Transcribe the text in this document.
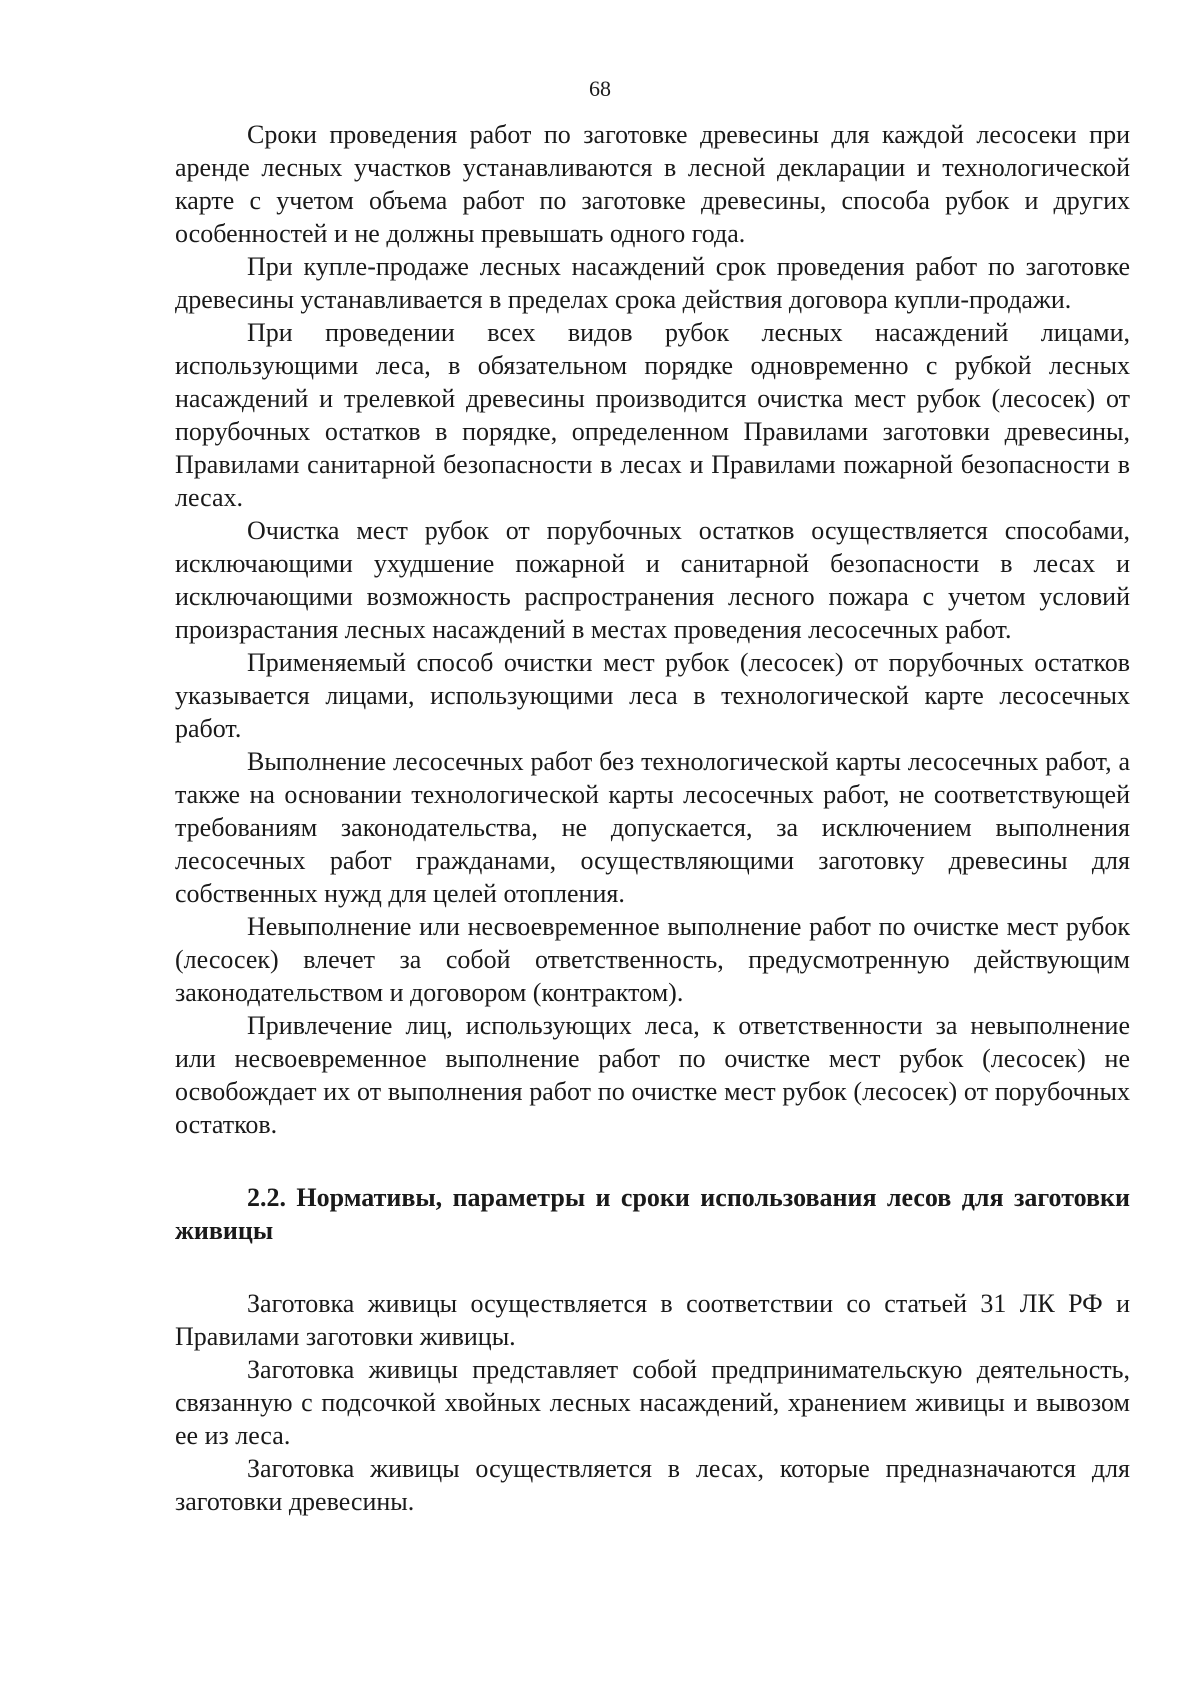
68

Сроки проведения работ по заготовке древесины для каждой лесосеки при аренде лесных участков устанавливаются в лесной декларации и технологической карте с учетом объема работ по заготовке древесины, способа рубок и других особенностей и не должны превышать одного года.

При купле-продаже лесных насаждений срок проведения работ по заготовке древесины устанавливается в пределах срока действия договора купли-продажи.

При проведении всех видов рубок лесных насаждений лицами, использующими леса, в обязательном порядке одновременно с рубкой лесных насаждений и трелевкой древесины производится очистка мест рубок (лесосек) от порубочных остатков в порядке, определенном Правилами заготовки древесины, Правилами санитарной безопасности в лесах и Правилами пожарной безопасности в лесах.

Очистка мест рубок от порубочных остатков осуществляется способами, исключающими ухудшение пожарной и санитарной безопасности в лесах и исключающими возможность распространения лесного пожара с учетом условий произрастания лесных насаждений в местах проведения лесосечных работ.

Применяемый способ очистки мест рубок (лесосек) от порубочных остатков указывается лицами, использующими леса в технологической карте лесосечных работ.

Выполнение лесосечных работ без технологической карты лесосечных работ, а также на основании технологической карты лесосечных работ, не соответствующей требованиям законодательства, не допускается, за исключением выполнения лесосечных работ гражданами, осуществляющими заготовку древесины для собственных нужд для целей отопления.

Невыполнение или несвоевременное выполнение работ по очистке мест рубок (лесосек) влечет за собой ответственность, предусмотренную действующим законодательством и договором (контрактом).

Привлечение лиц, использующих леса, к ответственности за невыполнение или несвоевременное выполнение работ по очистке мест рубок (лесосек) не освобождает их от выполнения работ по очистке мест рубок (лесосек) от порубочных остатков.

2.2. Нормативы, параметры и сроки использования лесов для заготовки живицы

Заготовка живицы осуществляется в соответствии со статьей 31 ЛК РФ и Правилами заготовки живицы.

Заготовка живицы представляет собой предпринимательскую деятельность, связанную с подсочкой хвойных лесных насаждений, хранением живицы и вывозом ее из леса.

Заготовка живицы осуществляется в лесах, которые предназначаются для заготовки древесины.
